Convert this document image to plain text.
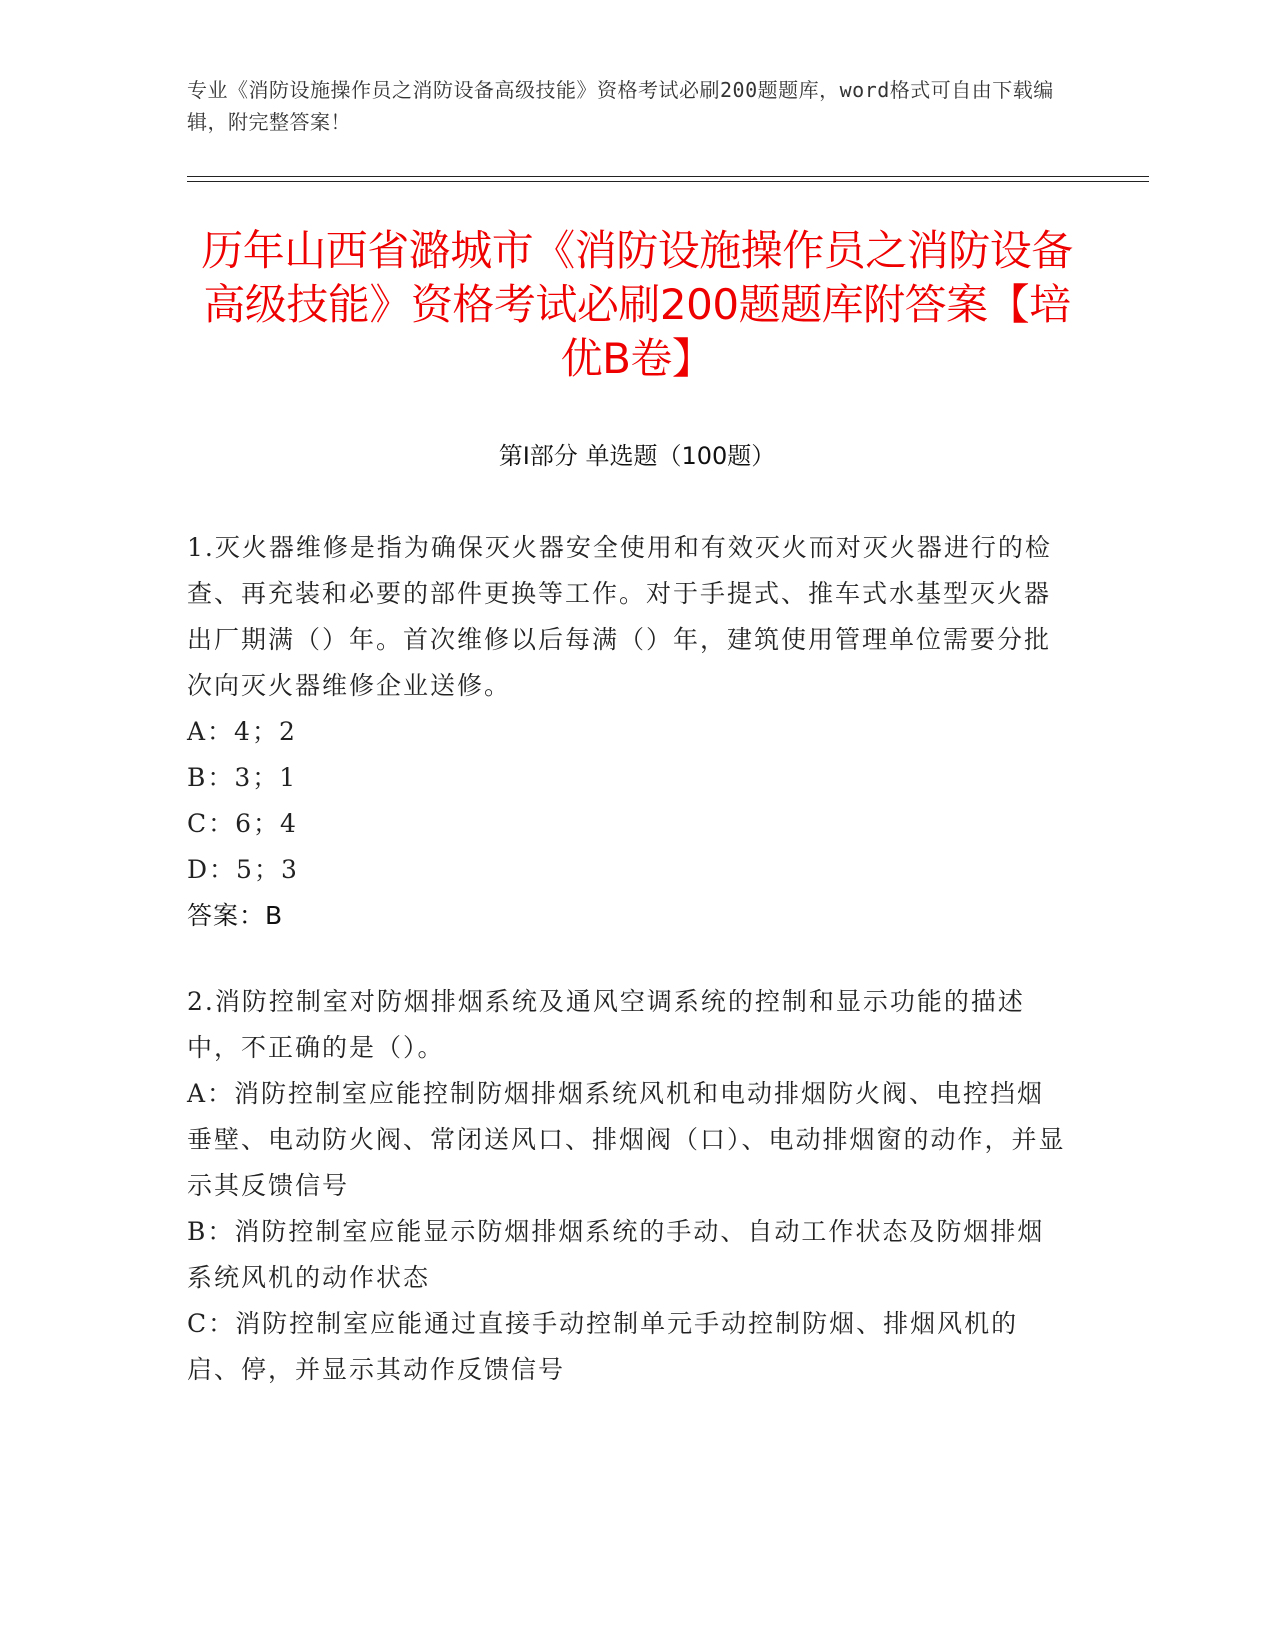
专业《消防设施操作员之消防设备高级技能》资格考试必刷200题题库，word格式可自由下载编辑，附完整答案！
历年山西省潞城市《消防设施操作员之消防设备高级技能》资格考试必刷200题题库附答案【培优B卷】
第I部分 单选题（100题）

1.灭火器维修是指为确保灭火器安全使用和有效灭火而对灭火器进行的检查、再充装和必要的部件更换等工作。对于手提式、推车式水基型灭火器出厂期满（）年。首次维修以后每满（）年，建筑使用管理单位需要分批次向灭火器维修企业送修。

A：4；2

B：3；1

C：6；4

D：5；3

答案：B

2.消防控制室对防烟排烟系统及通风空调系统的控制和显示功能的描述中，不正确的是（）。

A：消防控制室应能控制防烟排烟系统风机和电动排烟防火阀、电控挡烟垂壁、电动防火阀、常闭送风口、排烟阀（口）、电动排烟窗的动作，并显示其反馈信号

B：消防控制室应能显示防烟排烟系统的手动、自动工作状态及防烟排烟系统风机的动作状态

C：消防控制室应能通过直接手动控制单元手动控制防烟、排烟风机的启、停，并显示其动作反馈信号
